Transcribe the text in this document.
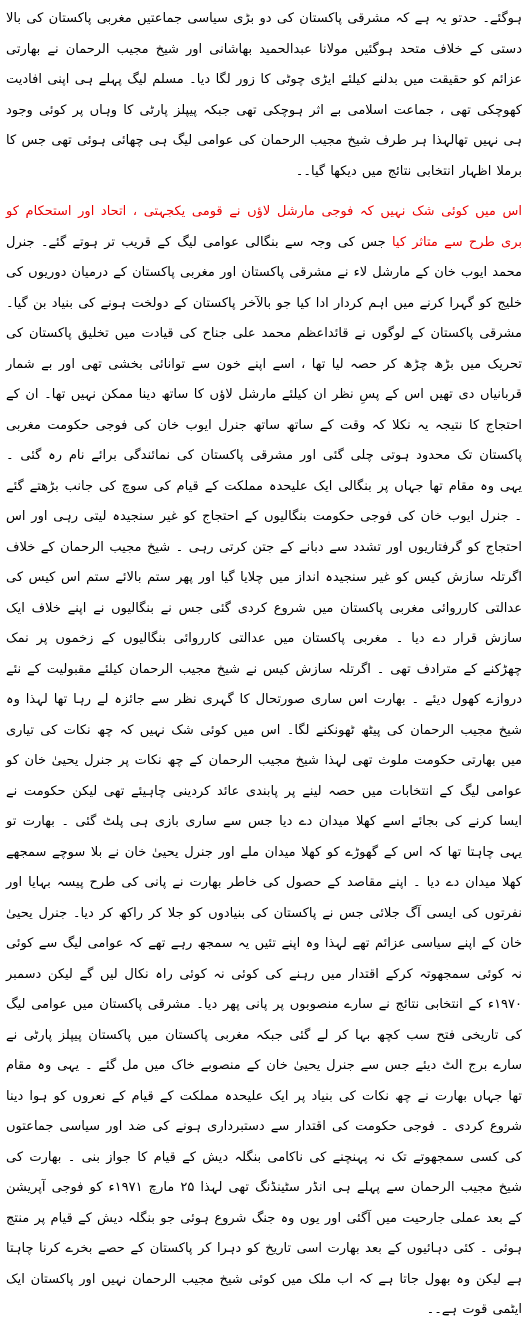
ہوگئے۔ حدتو یہ ہے کہ مشرقی پاکستان کی دو بڑی سیاسی جماعتیں مغربی پاکستان کی بالا دستی کے خلاف متحد ہوگئیں مولانا عبدالحمید بھاشانی اور شیخ مجیب الرحمان نے بھارتی عزائم کو حقیقت میں بدلنے کیلئے ایڑی چوٹی کا زور لگا دیا۔ مسلم لیگ پہلے ہی اپنی افادیت کھوچکی تھی ، جماعت اسلامی بے اثر ہوچکی تھی جبکہ پیپلز پارٹی کا وہاں پر کوئی وجود ہی نہیں تھالہذا ہر طرف شیخ مجیب الرحمان کی عوامی لیگ ہی چھائی ہوئی تھی جس کا برملا اظہار انتخابی نتائج میں دیکھا گیا۔۔

اس میں کوئی شک نہیں کہ فوجی مارشل لاؤں نے قومی یکجہتی ، اتحاد اور استحکام کو بری طرح سے متاثر کیا جس کی وجہ سے بنگالی عوامی لیگ کے قریب تر ہوتے گئے۔ جنرل محمد ایوب خان کے مارشل لاء نے مشرقی پاکستان اور مغربی پاکستان کے درمیان دوریوں کی خلیج کو گہرا کرنے میں اہم کردار ادا کیا جو بالآخر پاکستان کے دولخت ہونے کی بنیاد بن گیا۔ مشرقی پاکستان کے لوگوں نے قائداعظم محمد علی جناح کی قیادت میں تخلیق پاکستان کی تحریک میں بڑھ چڑھ کر حصہ لیا تھا ، اسے اپنے خون سے توانائی بخشی تھی اور بے شمار قربانیاں دی تھیں اس کے پسِ نظر ان کیلئے مارشل لاؤں کا ساتھ دینا ممکن نہیں تھا۔ ان کے احتجاج کا نتیجہ یہ نکلا کہ وقت کے ساتھ ساتھ جنرل ایوب خان کی فوجی حکومت مغربی پاکستان تک محدود ہوتی چلی گئی اور مشرقی پاکستان کی نمائندگی برائے نام رہ گئی ۔ یہی وہ مقام تھا جہاں پر بنگالی ایک علیحدہ مملکت کے قیام کی سوچ کی جانب بڑھتے گئے ۔ جنرل ایوب خان کی فوجی حکومت بنگالیوں کے احتجاج کو غیر سنجیدہ لیتی رہی اور اس احتجاج کو گرفتاریوں اور تشدد سے دبانے کے جتن کرتی رہی ۔ شیخ مجیب الرحمان کے خلاف اگرتلہ سازش کیس کو غیر سنجیدہ انداز میں چلایا گیا اور پھر ستم بالائے ستم اس کیس کی عدالتی کارروائی مغربی پاکستان میں شروع کردی گئی جس نے بنگالیوں نے اپنے خلاف ایک سازش قرار دے دیا ۔ مغربی پاکستان میں عدالتی کارروائی بنگالیوں کے زخموں پر نمک چھڑکنے کے مترادف تھی ۔ اگرتلہ سازش کیس نے شیخ مجیب الرحمان کیلئے مقبولیت کے نئے دروازے کھول دیئے ۔ بھارت اس ساری صورتحال کا گہری نظر سے جائزہ لے رہا تھا لہذا وہ شیخ مجیب الرحمان کی پیٹھ ٹھونکنے لگا۔ اس میں کوئی شک نہیں کہ چھ نکات کی تیاری میں بھارتی حکومت ملوث تھی لہذا شیخ مجیب الرحمان کے چھ نکات پر جنرل یحییٰ خان کو عوامی لیگ کے انتخابات میں حصہ لینے پر پابندی عائد کردینی چاہیئے تھی لیکن حکومت نے ایسا کرنے کی بجائے اسے کھلا میدان دے دیا جس سے ساری بازی ہی پلٹ گئی ۔ بھارت تو یہی چاہتا تھا کہ اس کے گھوڑے کو کھلا میدان ملے اور جنرل یحییٰ خان نے بلا سوچے سمجھے کھلا میدان دے دیا ۔ اپنے مقاصد کے حصول کی خاطر بھارت نے پانی کی طرح پیسہ بہایا اور نفرتوں کی ایسی آگ جلائی جس نے پاکستان کی بنیادوں کو جلا کر راکھ کر دیا۔ جنرل یحییٰ خان کے اپنے سیاسی عزائم تھے لہذا وہ اپنے تئیں یہ سمجھ رہے تھے کہ عوامی لیگ سے کوئی نہ کوئی سمجھوتہ کرکے اقتدار میں رہنے کی کوئی نہ کوئی راہ نکال لیں گے لیکن دسمبر ۱۹۷۰ء کے انتخابی نتائج نے سارے منصوبوں پر پانی پھر دیا۔ مشرقی پاکستان میں عوامی لیگ کی تاریخی فتح سب کچھ بہا کر لے گئی جبکہ مغربی پاکستان میں پاکستان پیپلز پارٹی نے سارے برج الٹ دیئے جس سے جنرل یحییٰ خان کے منصوبے خاک میں مل گئے ۔ یہی وہ مقام تھا جہاں بھارت نے چھ نکات کی بنیاد پر ایک علیحدہ مملکت کے قیام کے نعروں کو ہوا دینا شروع کردی ۔ فوجی حکومت کی اقتدار سے دستبرداری ہونے کی ضد اور سیاسی جماعتوں کی کسی سمجھوتے تک نہ پہنچنے کی ناکامی بنگلہ دیش کے قیام کا جواز بنی ۔ بھارت کی شیخ مجیب الرحمان سے پہلے ہی انڈر سٹینڈنگ تھی لہذا ۲۵ مارچ ۱۹۷۱ء کو فوجی آپریشن کے بعد عملی جارحیت میں آگئی اور یوں وہ جنگ شروع ہوئی جو بنگلہ دیش کے قیام پر منتج ہوئی ۔ کئی دہائیوں کے بعد بھارت اسی تاریخ کو دہرا کر پاکستان کے حصے بخرے کرنا چاہتا ہے لیکن وہ بھول جاتا ہے کہ اب ملک میں کوئی شیخ مجیب الرحمان نہیں اور پاکستان ایک ایٹمی قوت ہے۔۔
